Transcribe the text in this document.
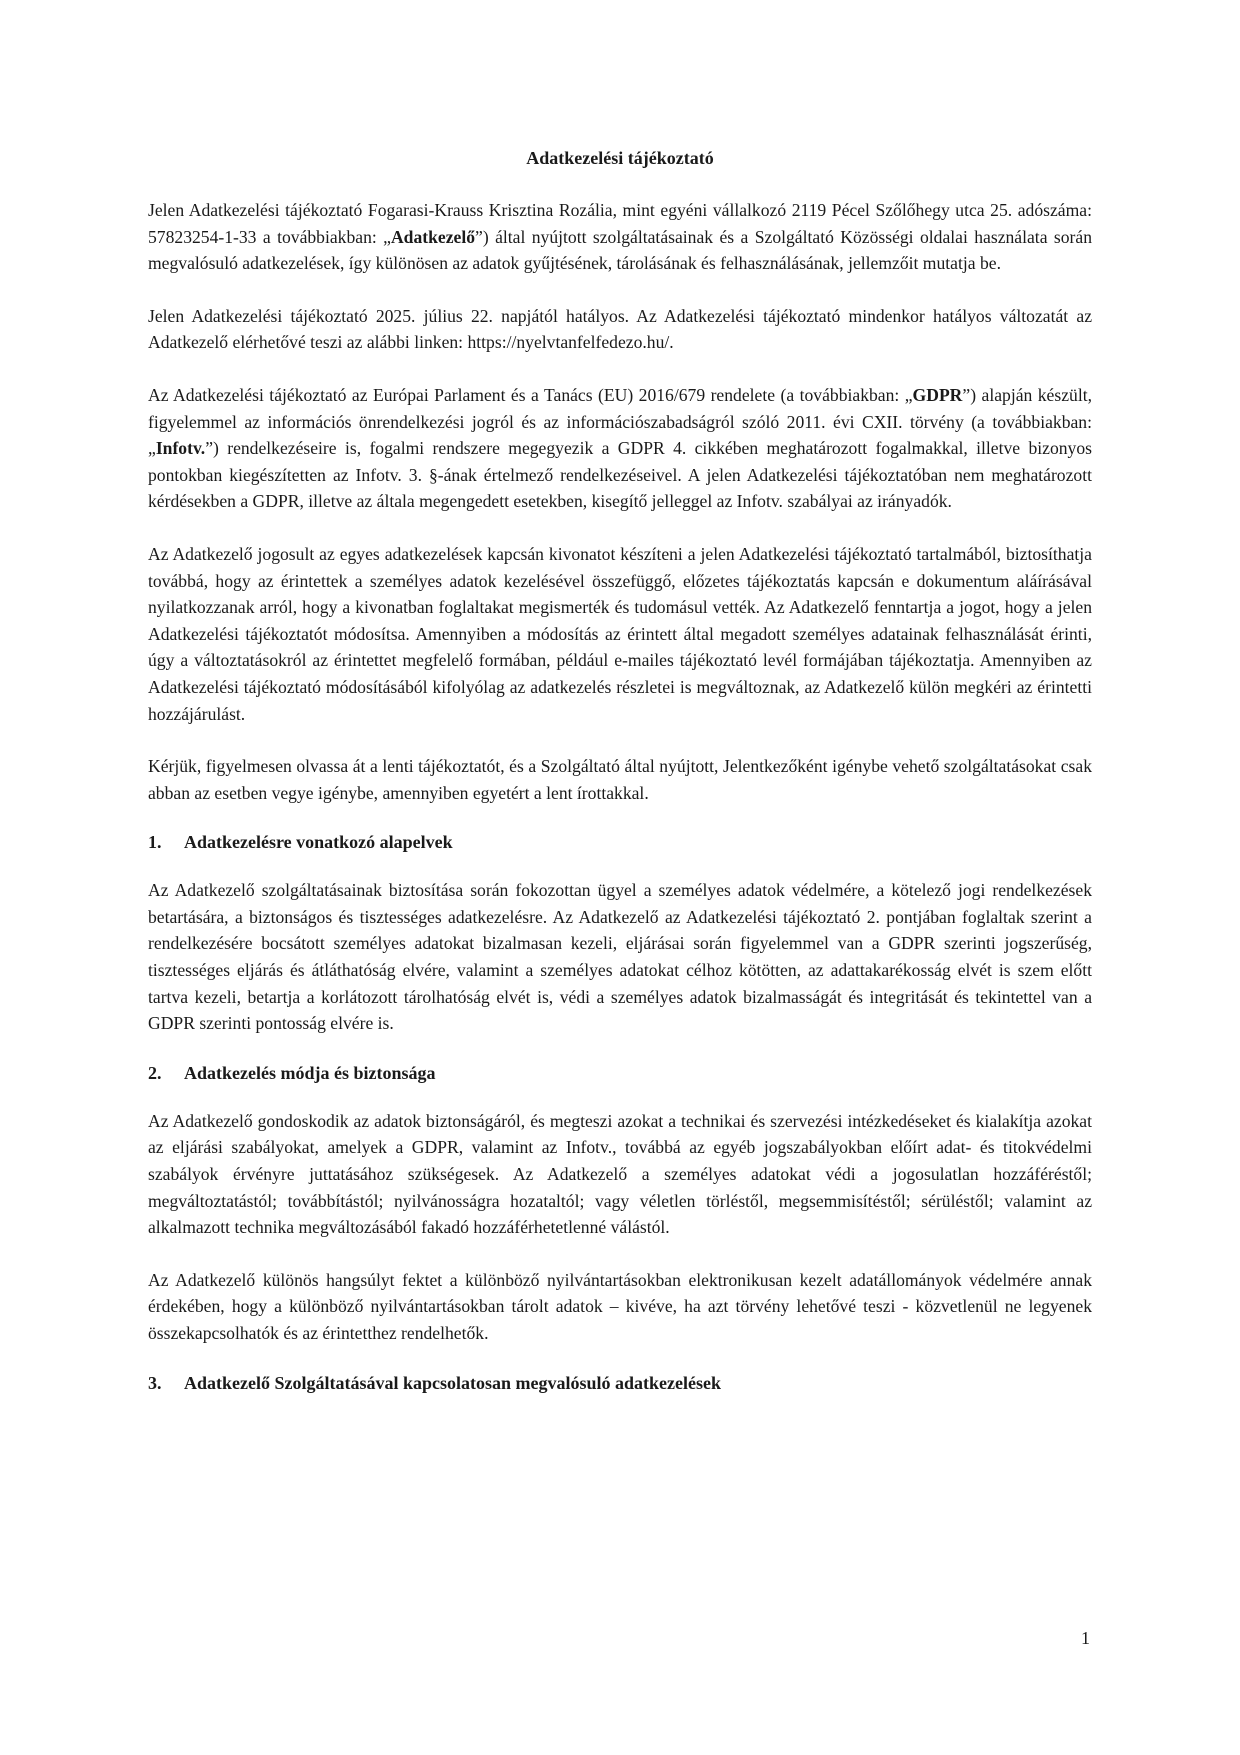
Adatkezelési tájékoztató

Jelen Adatkezelési tájékoztató Fogarasi-Krauss Krisztina Rozália, mint egyéni vállalkozó 2119 Pécel Szőlőhegy utca 25. adószáma: 57823254-1-33 a továbbiakban: „Adatkezelő”) által nyújtott szolgáltatásainak és a Szolgáltató Közösségi oldalai használata során megvalósuló adatkezelések, így különösen az adatok gyűjtésének, tárolásának és felhasználásának, jellemzőit mutatja be.

Jelen Adatkezelési tájékoztató 2025. július 22. napjától hatályos. Az Adatkezelési tájékoztató mindenkor hatályos változatát az Adatkezelő elérhetővé teszi az alábbi linken: https://nyelvtanfelfedezo.hu/.

Az Adatkezelési tájékoztató az Európai Parlament és a Tanács (EU) 2016/679 rendelete (a továbbiakban: „GDPR”) alapján készült, figyelemmel az információs önrendelkezési jogról és az információszabadságról szóló 2011. évi CXII. törvény (a továbbiakban: „Infotv.”) rendelkezéseire is, fogalmi rendszere megegyezik a GDPR 4. cikkében meghatározott fogalmakkal, illetve bizonyos pontokban kiegészítetten az Infotv. 3. §-ának értelmező rendelkezéseivel. A jelen Adatkezelési tájékoztatóban nem meghatározott kérdésekben a GDPR, illetve az általa megengedett esetekben, kisegítő jelleggel az Infotv. szabályai az irányadók.

Az Adatkezelő jogosult az egyes adatkezelések kapcsán kivonatot készíteni a jelen Adatkezelési tájékoztató tartalmából, biztosíthatja továbbá, hogy az érintettek a személyes adatok kezelésével összefüggő, előzetes tájékoztatás kapcsán e dokumentum aláírásával nyilatkozzanak arról, hogy a kivonatban foglaltakat megismerték és tudomásul vették. Az Adatkezelő fenntartja a jogot, hogy a jelen Adatkezelési tájékoztatót módosítsa. Amennyiben a módosítás az érintett által megadott személyes adatainak felhasználását érinti, úgy a változtatásokról az érintettet megfelelő formában, például e-mailes tájékoztató levél formájában tájékoztatja. Amennyiben az Adatkezelési tájékoztató módosításából kifolyólag az adatkezelés részletei is megváltoznak, az Adatkezelő külön megkéri az érintetti hozzájárulást.

Kérjük, figyelmesen olvassa át a lenti tájékoztatót, és a Szolgáltató által nyújtott, Jelentkezőként igénybe vehető szolgáltatásokat csak abban az esetben vegye igénybe, amennyiben egyetért a lent írottakkal.

1.	Adatkezelésre vonatkozó alapelvek

Az Adatkezelő szolgáltatásainak biztosítása során fokozottan ügyel a személyes adatok védelmére, a kötelező jogi rendelkezések betartására, a biztonságos és tisztességes adatkezelésre. Az Adatkezelő az Adatkezelési tájékoztató 2. pontjában foglaltak szerint a rendelkezésére bocsátott személyes adatokat bizalmasan kezeli, eljárásai során figyelemmel van a GDPR szerinti jogszerűség, tisztességes eljárás és átláthatóság elvére, valamint a személyes adatokat célhoz kötötten, az adattakarékosság elvét is szem előtt tartva kezeli, betartja a korlátozott tárolhatóság elvét is, védi a személyes adatok bizalmasságát és integritását és tekintettel van a GDPR szerinti pontosság elvére is.

2.	Adatkezelés módja és biztonsága

Az Adatkezelő gondoskodik az adatok biztonságáról, és megteszi azokat a technikai és szervezési intézkedéseket és kialakítja azokat az eljárási szabályokat, amelyek a GDPR, valamint az Infotv., továbbá az egyéb jogszabályokban előírt adat- és titokvédelmi szabályok érvényre juttatásához szükségesek. Az Adatkezelő a személyes adatokat védi a jogosulatlan hozzáféréstől; megváltoztatástól; továbbítástól; nyilvánosságra hozataltól; vagy véletlen törléstől, megsemmisítéstől; sérüléstől; valamint az alkalmazott technika megváltozásából fakadó hozzáférhetetlenné válástól.

Az Adatkezelő különös hangsúlyt fektet a különböző nyilvántartásokban elektronikusan kezelt adatállományok védelmére annak érdekében, hogy a különböző nyilvántartásokban tárolt adatok – kivéve, ha azt törvény lehetővé teszi - közvetlenül ne legyenek összekapcsolhatók és az érintetthez rendelhetők.

3.	Adatkezelő Szolgáltatásával kapcsolatosan megvalósuló adatkezelések
1
